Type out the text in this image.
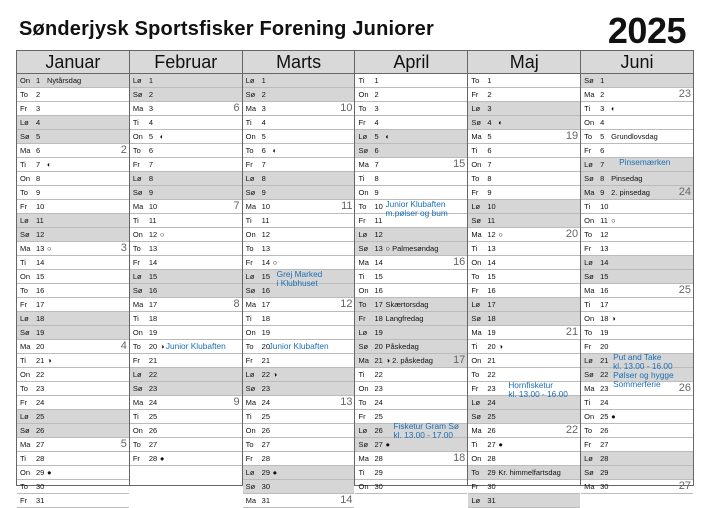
Sønderjysk Sportsfisker Forening Juniorer	2025
Januar
On 1 Nytårsdag
To 2
Fr 3
Lø 4
Sø 5
Ma 6	2
Ti 7 ◐
On 8
To 9
Fr 10
Lø 11
Sø 12
Ma 13 ○	3
Ti 14
On 15
To 16
Fr 17
Lø 18
Sø 19
Ma 20	4
Ti 21 ◑
On 22
To 23
Fr 24
Lø 25
Sø 26
Ma 27	5
Ti 28
On 29 ●
To 30
Fr 31
Februar
Lø 1
Sø 2
Ma 3	6
Ti 4
On 5 ◐
To 6
Fr 7
Lø 8
Sø 9
Ma 10	7
Ti 11
On 12 ○
To 13
Fr 14
Lø 15
Sø 16
Ma 17	8
Ti 18
On 19
To 20 ◑
Fr 21
Lø 22
Sø 23
Ma 24	9
Ti 25
On 26
To 27
Fr 28 ●
Junior Klubaften
Marts
Lø 1
Sø 2
Ma 3	10
Ti 4
On 5
To 6 ◐
Fr 7
Lø 8
Sø 9
Ma 10	11
Ti 11
On 12
To 13
Fr 14 ○
Lø 15
Sø 16
Ma 17	12
Ti 18
On 19
To 20
Fr 21
Lø 22 ◑
Sø 23
Ma 24	13
Ti 25
On 26
To 27
Fr 28
Lø 29 ●
Sø 30
Ma 31	14
Junior Klubaften
Grej Marked
i Klubhuset
April
Ti 1
On 2
To 3
Fr 4
Lø 5 ◐
Sø 6
Ma 7	15
Ti 8
On 9
To 10
Fr 11
Lø 12
Sø 13 ○ Palmesøndag
Ma 14	16
Ti 15
On 16
To 17 Skærtorsdag
Fr 18 Langfredag
Lø 19
Sø 20 Påskedag
Ma 21 ◑ 2. påskedag 17
Ti 22
On 23
To 24
Fr 25
Lø 26
Sø 27 ●
Ma 28	18
Ti 29
On 30
Junior Klubaften
m.pølser og bum
Fisketur Gram Sø
kl. 13.00 - 17.00
Maj
To 1
Fr 2
Lø 3
Sø 4 ◐
Ma 5	19
Ti 6
On 7
To 8
Fr 9
Lø 10
Sø 11
Ma 12 ○	20
Ti 13
On 14
To 15
Fr 16
Lø 17
Sø 18
Ma 19	21
Ti 20 ◑
On 21
To 22
Fr 23
Lø 24
Sø 25
Ma 26	22
Ti 27 ●
On 28
To 29 Kr. himmelfartsdag
Fr 30
Lø 31
Hornfisketur
kl. 13.00 - 16.00
Juni
Sø 1
Ma 2	23
Ti 3 ◐
On 4
To 5 Grundlovsdag
Fr 6
Lø 7
Sø 8 Pinsedag
Ma 9 2. pinsedag	24
Ti 10
On 11 ○
To 12
Fr 13
Lø 14
Sø 15
Ma 16	25
Ti 17
On 18 ◑
To 19
Fr 20
Lø 21
Sø 22
Ma 23	26
Ti 24
On 25 ●
To 26
Fr 27
Lø 28
Sø 29
Ma 30	27
Pinsemærken
Put and Take
kl. 13.00 - 16.00
Pølser og hygge
Sommerferie
